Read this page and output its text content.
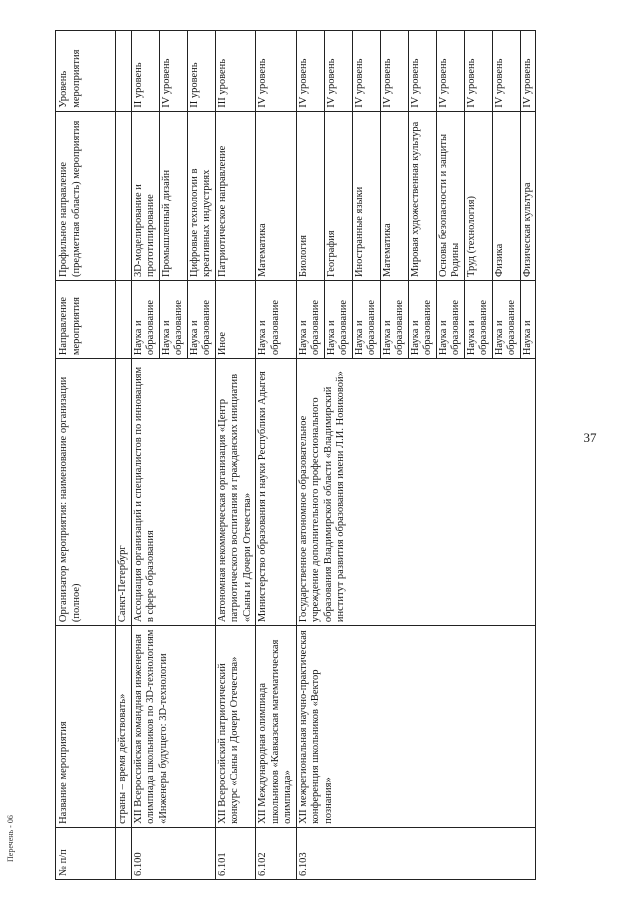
37
№ п/п	Название мероприятия	Организатор мероприятия: наименование организации (полное)	Направление мероприятия	Профильное направление (предметная область) мероприятия	Уровень мероприятия
	страны – время действовать»	Санкт-Петербург			
6.100	XII Всероссийская командная инженерная олимпиада школьников по 3D-технологиям «Инженеры будущего: 3D-технологии	Ассоциация организаций и специалистов по инновациям в сфере образования	Наука и образование	3D-моделирование и прототипирование	II уровень
			Наука и образование	Промышленный дизайн	IV уровень
			Наука и образование	Цифровые технологии в креативных индустриях	II уровень
6.101	XII Всероссийский патриотический конкурс «Сыны и Дочери Отечества»	Автономная некоммерческая организация «Центр патриотического воспитания и гражданских инициатив «Сыны и Дочери Отечества»	Иное	Патриотическое направление	III уровень
6.102	XII Международная олимпиада школьников «Кавказская математическая олимпиада»	Министерство образования и науки Республики Адыгея	Наука и образование	Математика	IV уровень
6.103	XII межрегиональная научно-практическая конференция школьников «Вектор познания»	Государственное автономное образовательное учреждение дополнительного профессионального образования Владимирской области «Владимирский институт развития образования имени Л.И. Новиковой»	Наука и образование	Биология	IV уровень
			Наука и образование	География	IV уровень
			Наука и образование	Иностранные языки	IV уровень
			Наука и образование	Математика	IV уровень
			Наука и образование	Мировая художественная культура	IV уровень
			Наука и образование	Основы безопасности и защиты Родины	IV уровень
			Наука и образование	Труд (технология)	IV уровень
			Наука и образование	Физика	IV уровень
			Наука и	Физическая культура	IV уровень
Перечень - 06
